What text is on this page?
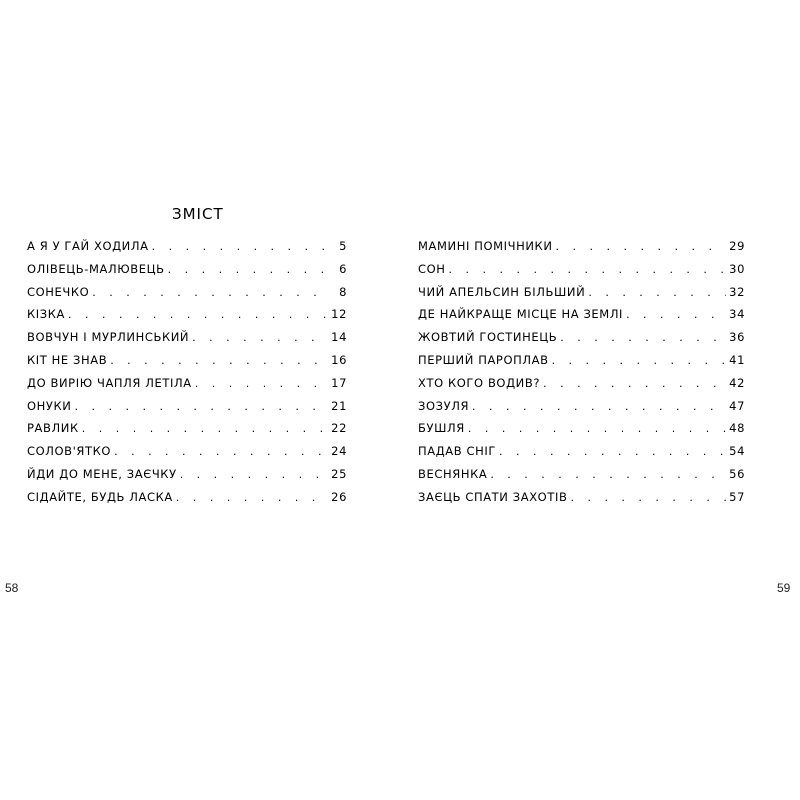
ЗМІСТ
А Я У ГАЙ ХОДИЛА . . .	5
ОЛІВЕЦЬ-МАЛЮВЕЦЬ . . .	6
СОНЕЧКО . . .	8
КІЗКА . . .	12
ВОВЧУН І МУРЛИНСЬКИЙ . . .	14
КІТ НЕ ЗНАВ . . .	16
ДО ВИРІЮ ЧАПЛЯ ЛЕТІЛА . . .	17
ОНУКИ . . .	21
РАВЛИК . . .	22
СОЛОВ'ЯТКО . . .	24
ЙДИ ДО МЕНЕ, ЗАЄЧКУ . . .	25
СІДАЙТЕ, БУДЬ ЛАСКА . . .	26
МАМИНІ ПОМІЧНИКИ . . .	29
СОН . . .	30
ЧИЙ АПЕЛЬСИН БІЛЬШИЙ . . .	32
ДЕ НАЙКРАЩЕ МІСЦЕ НА ЗЕМЛІ . . .	34
ЖОВТИЙ ГОСТИНЕЦЬ . . .	36
ПЕРШИЙ ПАРОПЛАВ . . .	41
ХТО КОГО ВОДИВ? . . .	42
ЗОЗУЛЯ . . .	47
БУШЛЯ . . .	48
ПАДАВ СНІГ . . .	54
ВЕСНЯНКА . . .	56
ЗАЄЦЬ СПАТИ ЗАХОТІВ . . .	57
58	59
